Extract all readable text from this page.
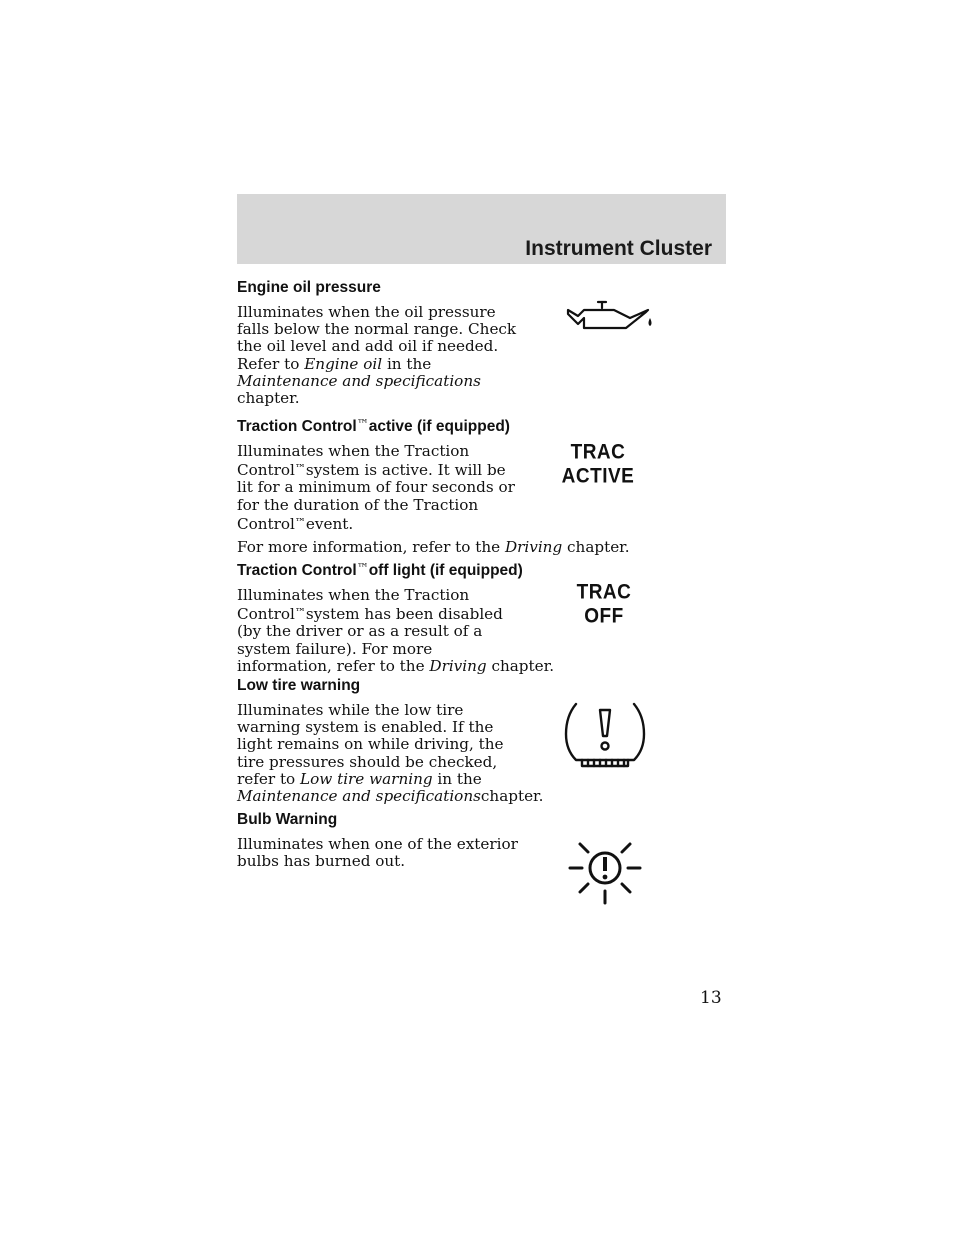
Instrument Cluster
Engine oil pressure

Illuminates when the oil pressure
falls below the normal range. Check
the oil level and add oil if needed.
Refer to Engine oil in the
Maintenance and specifications
chapter.

Traction Control™active (if equipped)

Illuminates when the Traction
Control™system is active. It will be
lit for a minimum of four seconds or
for the duration of the Traction
Control™event.

For more information, refer to the Driving chapter.

Traction Control™off light (if equipped)

Illuminates when the Traction
Control™system has been disabled
(by the driver or as a result of a
system failure). For more
information, refer to the Driving chapter.

Low tire warning

Illuminates while the low tire
warning system is enabled. If the
light remains on while driving, the
tire pressures should be checked,
refer to Low tire warning in the
Maintenance and specificationschapter.

Bulb Warning

Illuminates when one of the exterior
bulbs has burned out.

TRAC
ACTIVE
TRAC
OFF
13
